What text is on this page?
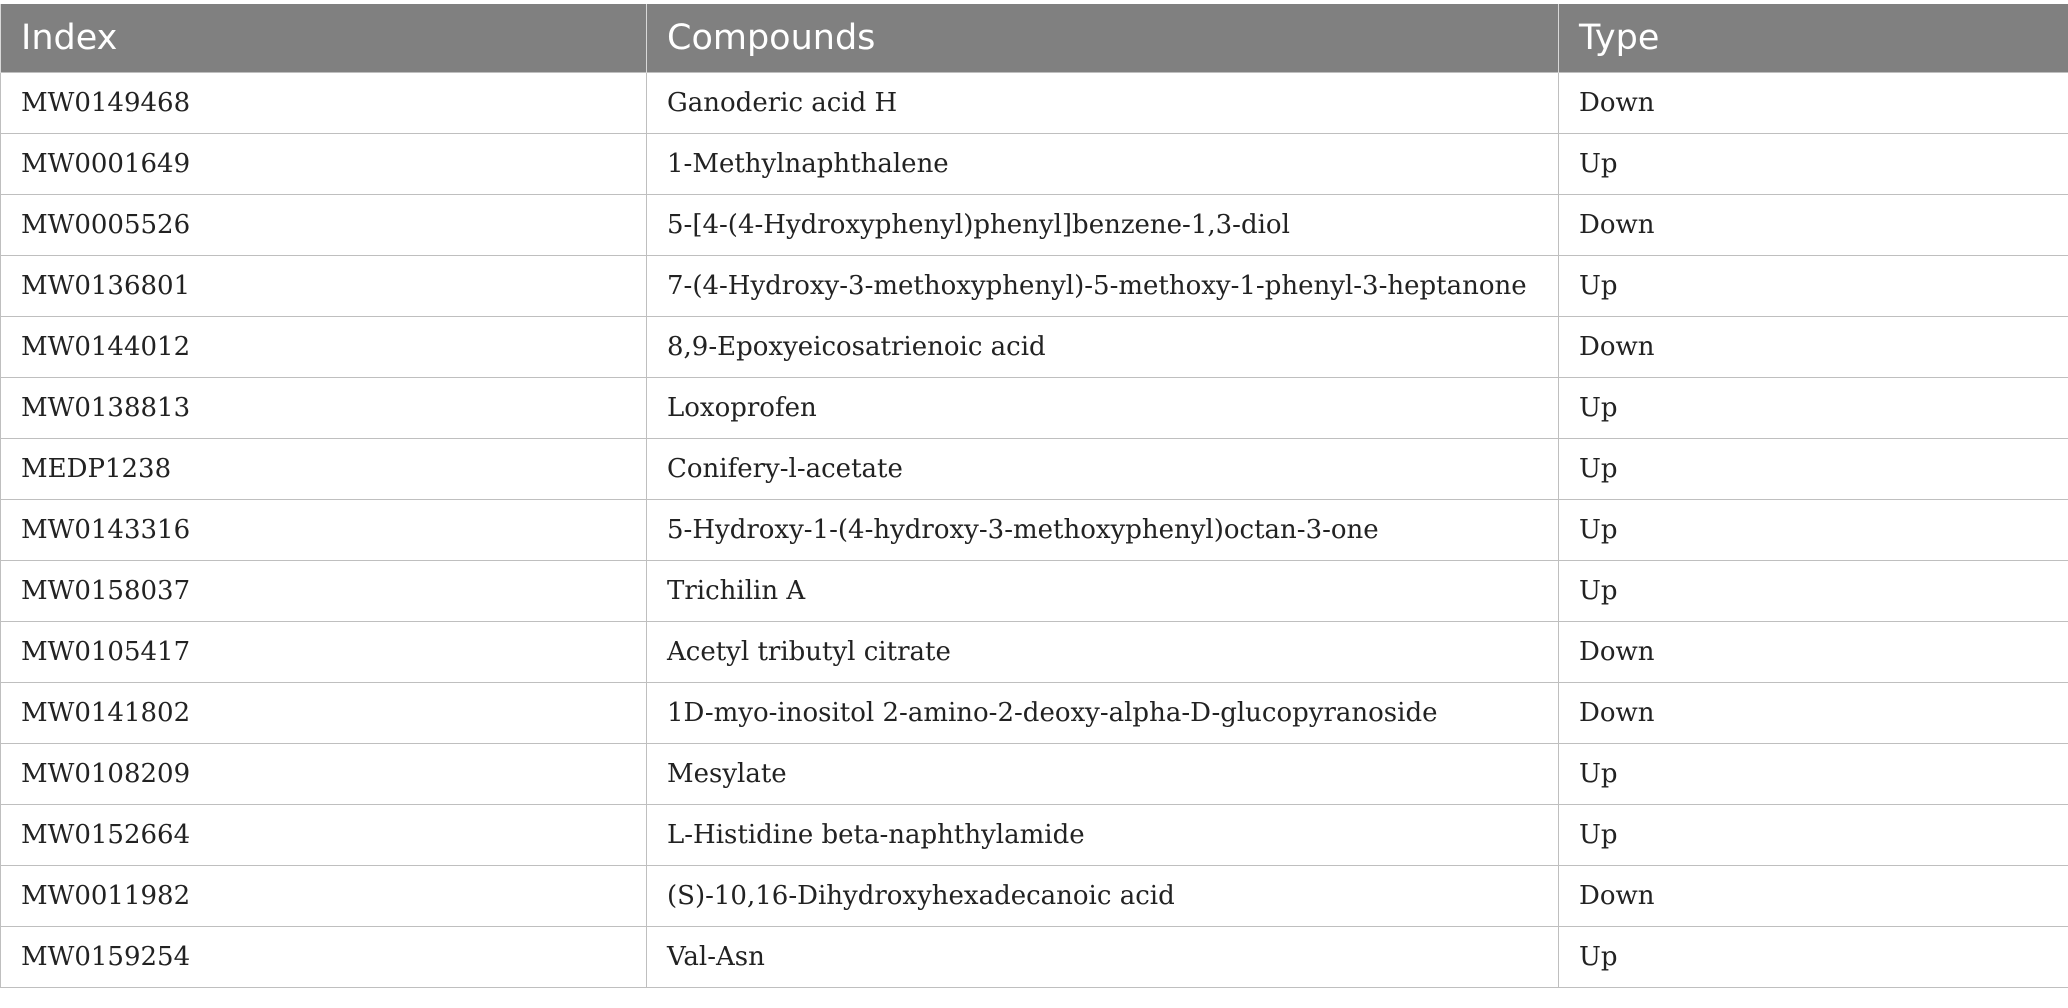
Index	Compounds	Type
MW0149468	Ganoderic acid H	Down
MW0001649	1-Methylnaphthalene	Up
MW0005526	5-[4-(4-Hydroxyphenyl)phenyl]benzene-1,3-diol	Down
MW0136801	7-(4-Hydroxy-3-methoxyphenyl)-5-methoxy-1-phenyl-3-heptanone	Up
MW0144012	8,9-Epoxyeicosatrienoic acid	Down
MW0138813	Loxoprofen	Up
MEDP1238	Conifery-l-acetate	Up
MW0143316	5-Hydroxy-1-(4-hydroxy-3-methoxyphenyl)octan-3-one	Up
MW0158037	Trichilin A	Up
MW0105417	Acetyl tributyl citrate	Down
MW0141802	1D-myo-inositol 2-amino-2-deoxy-alpha-D-glucopyranoside	Down
MW0108209	Mesylate	Up
MW0152664	L-Histidine beta-naphthylamide	Up
MW0011982	(S)-10,16-Dihydroxyhexadecanoic acid	Down
MW0159254	Val-Asn	Up
